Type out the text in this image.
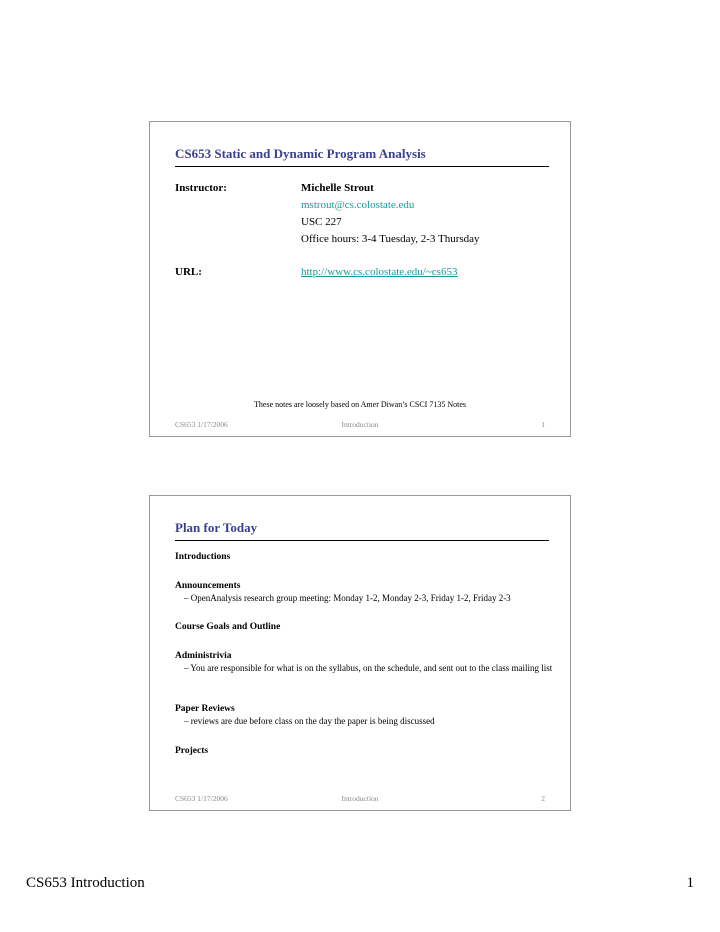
CS653 Static and Dynamic Program Analysis
Instructor:	Michelle Strout
mstrout@cs.colostate.edu
USC 227
Office hours: 3-4 Tuesday, 2-3 Thursday
URL:	http://www.cs.colostate.edu/~cs653
These notes are loosely based on Amer Diwan’s CSCI 7135 Notes
CS653 1/17/2006	Introduction	1
Plan for Today
Introductions
Announcements
– OpenAnalysis research group meeting: Monday 1-2, Monday 2-3, Friday 1-2, Friday 2-3
Course Goals and Outline
Administrivia
– You are responsible for what is on the syllabus, on the schedule, and sent out to the class mailing list
Paper Reviews
– reviews are due before class on the day the paper is being discussed
Projects
CS653 1/17/2006	Introduction	2
CS653 Introduction	1
